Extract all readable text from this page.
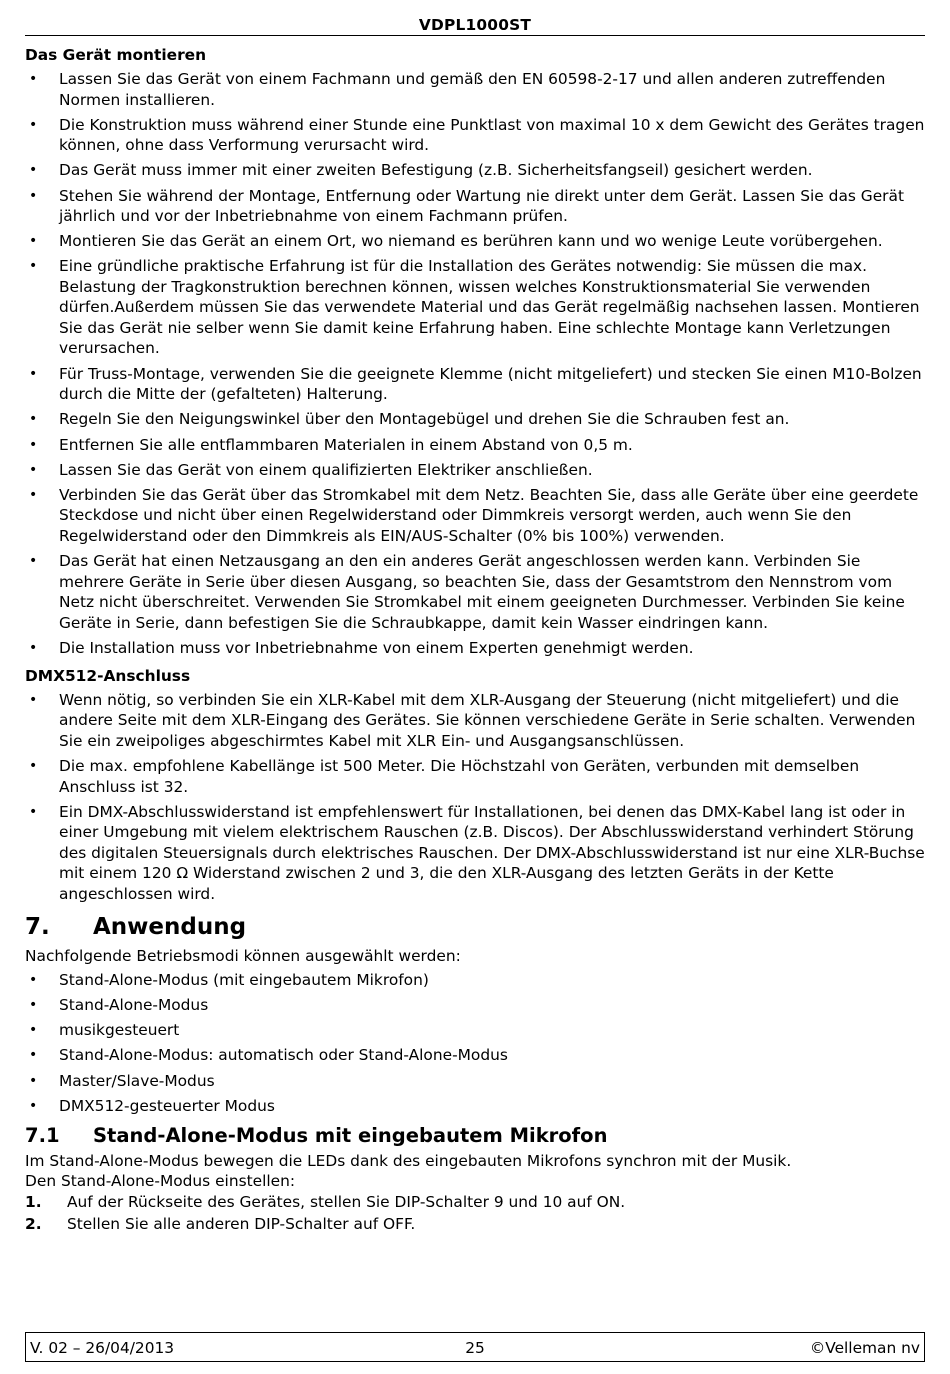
VDPL1000ST
Das Gerät montieren
• Lassen Sie das Gerät von einem Fachmann und gemäß den EN 60598-2-17 und allen anderen zutreffenden Normen installieren.
• Die Konstruktion muss während einer Stunde eine Punktlast von maximal 10 x dem Gewicht des Gerätes tragen können, ohne dass Verformung verursacht wird.
• Das Gerät muss immer mit einer zweiten Befestigung (z.B. Sicherheitsfangseil) gesichert werden.
• Stehen Sie während der Montage, Entfernung oder Wartung nie direkt unter dem Gerät. Lassen Sie das Gerät jährlich und vor der Inbetriebnahme von einem Fachmann prüfen.
• Montieren Sie das Gerät an einem Ort, wo niemand es berühren kann und wo wenige Leute vorübergehen.
• Eine gründliche praktische Erfahrung ist für die Installation des Gerätes notwendig: Sie müssen die max. Belastung der Tragkonstruktion berechnen können, wissen welches Konstruktionsmaterial Sie verwenden dürfen.Außerdem müssen Sie das verwendete Material und das Gerät regelmäßig nachsehen lassen. Montieren Sie das Gerät nie selber wenn Sie damit keine Erfahrung haben. Eine schlechte Montage kann Verletzungen verursachen.
• Für Truss-Montage, verwenden Sie die geeignete Klemme (nicht mitgeliefert) und stecken Sie einen M10-Bolzen durch die Mitte der (gefalteten) Halterung.
• Regeln Sie den Neigungswinkel über den Montagebügel und drehen Sie die Schrauben fest an.
• Entfernen Sie alle entflammbaren Materialen in einem Abstand von 0,5 m.
• Lassen Sie das Gerät von einem qualifizierten Elektriker anschließen.
• Verbinden Sie das Gerät über das Stromkabel mit dem Netz. Beachten Sie, dass alle Geräte über eine geerdete Steckdose und nicht über einen Regelwiderstand oder Dimmkreis versorgt werden, auch wenn Sie den Regelwiderstand oder den Dimmkreis als EIN/AUS-Schalter (0% bis 100%) verwenden.
• Das Gerät hat einen Netzausgang an den ein anderes Gerät angeschlossen werden kann. Verbinden Sie mehrere Geräte in Serie über diesen Ausgang, so beachten Sie, dass der Gesamtstrom den Nennstrom vom Netz nicht überschreitet. Verwenden Sie Stromkabel mit einem geeigneten Durchmesser. Verbinden Sie keine Geräte in Serie, dann befestigen Sie die Schraubkappe, damit kein Wasser eindringen kann.
• Die Installation muss vor Inbetriebnahme von einem Experten genehmigt werden.
DMX512-Anschluss
• Wenn nötig, so verbinden Sie ein XLR-Kabel mit dem XLR-Ausgang der Steuerung (nicht mitgeliefert) und die andere Seite mit dem XLR-Eingang des Gerätes. Sie können verschiedene Geräte in Serie schalten. Verwenden Sie ein zweipoliges abgeschirmtes Kabel mit XLR Ein- und Ausgangsanschlüssen.
• Die max. empfohlene Kabellänge ist 500 Meter. Die Höchstzahl von Geräten, verbunden mit demselben Anschluss ist 32.
• Ein DMX-Abschlusswiderstand ist empfehlenswert für Installationen, bei denen das DMX-Kabel lang ist oder in einer Umgebung mit vielem elektrischem Rauschen (z.B. Discos). Der Abschlusswiderstand verhindert Störung des digitalen Steuersignals durch elektrisches Rauschen. Der DMX-Abschlusswiderstand ist nur eine XLR-Buchse mit einem 120 Ω Widerstand zwischen 2 und 3, die den XLR-Ausgang des letzten Geräts in der Kette angeschlossen wird.
7. Anwendung

Nachfolgende Betriebsmodi können ausgewählt werden:

• Stand-Alone-Modus (mit eingebautem Mikrofon)
• Stand-Alone-Modus
• musikgesteuert
• Stand-Alone-Modus: automatisch oder Stand-Alone-Modus
• Master/Slave-Modus
• DMX512-gesteuerter Modus
7.1 Stand-Alone-Modus mit eingebautem Mikrofon

Im Stand-Alone-Modus bewegen die LEDs dank des eingebauten Mikrofons synchron mit der Musik.

Den Stand-Alone-Modus einstellen:

1. Auf der Rückseite des Gerätes, stellen Sie DIP-Schalter 9 und 10 auf ON.
2. Stellen Sie alle anderen DIP-Schalter auf OFF.
V. 02 – 26/04/2013	25	©Velleman nv
